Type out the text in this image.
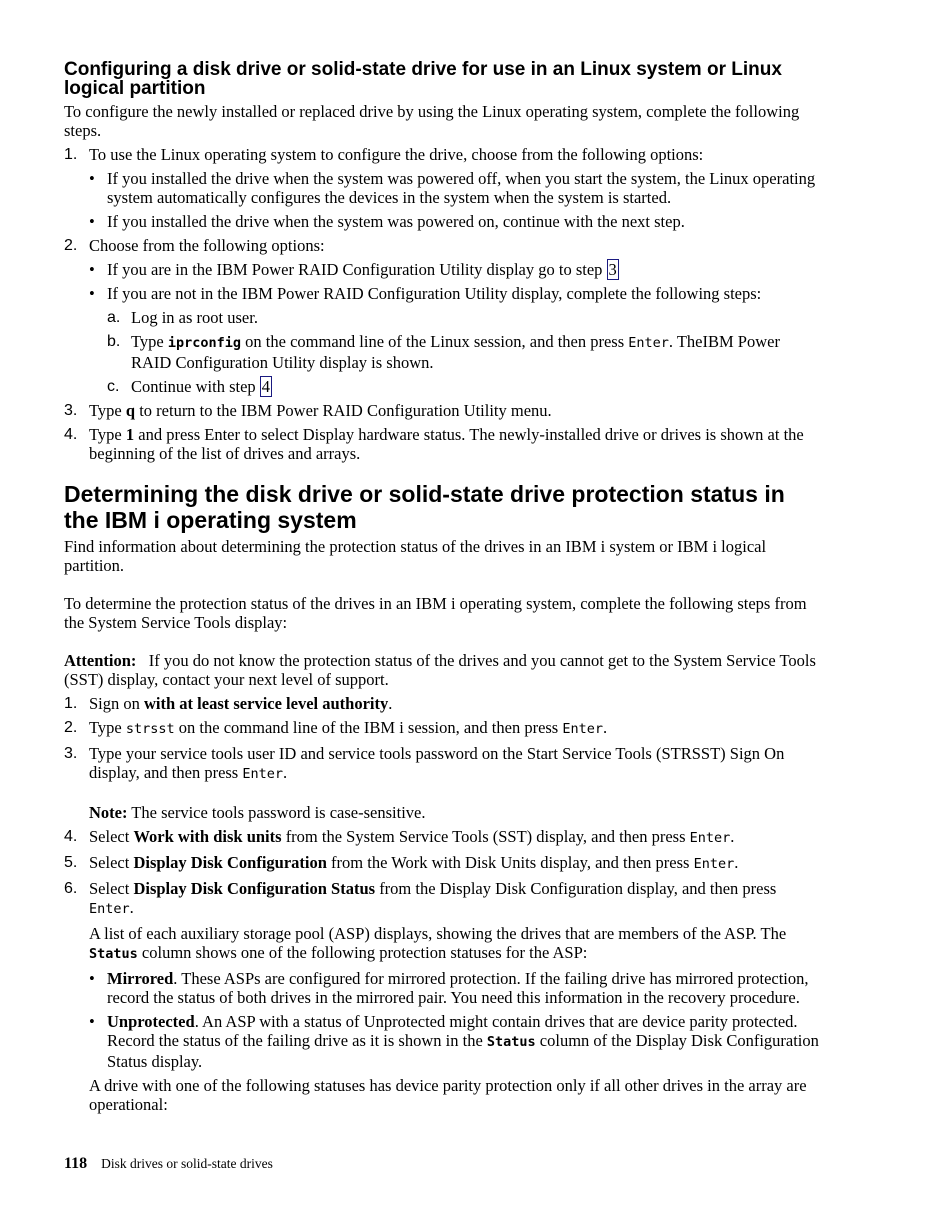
Configuring a disk drive or solid-state drive for use in an Linux system or Linux logical partition

To configure the newly installed or replaced drive by using the Linux operating system, complete the following steps.

1. To use the Linux operating system to configure the drive, choose from the following options:
• If you installed the drive when the system was powered off, when you start the system, the Linux operating system automatically configures the devices in the system when the system is started.
• If you installed the drive when the system was powered on, continue with the next step.
2. Choose from the following options:
• If you are in the IBM Power RAID Configuration Utility display go to step 3
• If you are not in the IBM Power RAID Configuration Utility display, complete the following steps:
a. Log in as root user.
b. Type iprconfig on the command line of the Linux session, and then press Enter. TheIBM Power RAID Configuration Utility display is shown.
c. Continue with step 4
3. Type q to return to the IBM Power RAID Configuration Utility menu.
4. Type 1 and press Enter to select Display hardware status. The newly-installed drive or drives is shown at the beginning of the list of drives and arrays.
Determining the disk drive or solid-state drive protection status in the IBM i operating system

Find information about determining the protection status of the drives in an IBM i system or IBM i logical partition.

To determine the protection status of the drives in an IBM i operating system, complete the following steps from the System Service Tools display:

Attention:   If you do not know the protection status of the drives and you cannot get to the System Service Tools (SST) display, contact your next level of support.

1. Sign on with at least service level authority.
2. Type strsst on the command line of the IBM i session, and then press Enter.
3. Type your service tools user ID and service tools password on the Start Service Tools (STRSST) Sign On display, and then press Enter.

Note: The service tools password is case-sensitive.

4. Select Work with disk units from the System Service Tools (SST) display, and then press Enter.
5. Select Display Disk Configuration from the Work with Disk Units display, and then press Enter.
6. Select Display Disk Configuration Status from the Display Disk Configuration display, and then press Enter.

A list of each auxiliary storage pool (ASP) displays, showing the drives that are members of the ASP. The Status column shows one of the following protection statuses for the ASP:

• Mirrored. These ASPs are configured for mirrored protection. If the failing drive has mirrored protection, record the status of both drives in the mirrored pair. You need this information in the recovery procedure.
• Unprotected. An ASP with a status of Unprotected might contain drives that are device parity protected. Record the status of the failing drive as it is shown in the Status column of the Display Disk Configuration Status display.

A drive with one of the following statuses has device parity protection only if all other drives in the array are operational:

118 Disk drives or solid-state drives
